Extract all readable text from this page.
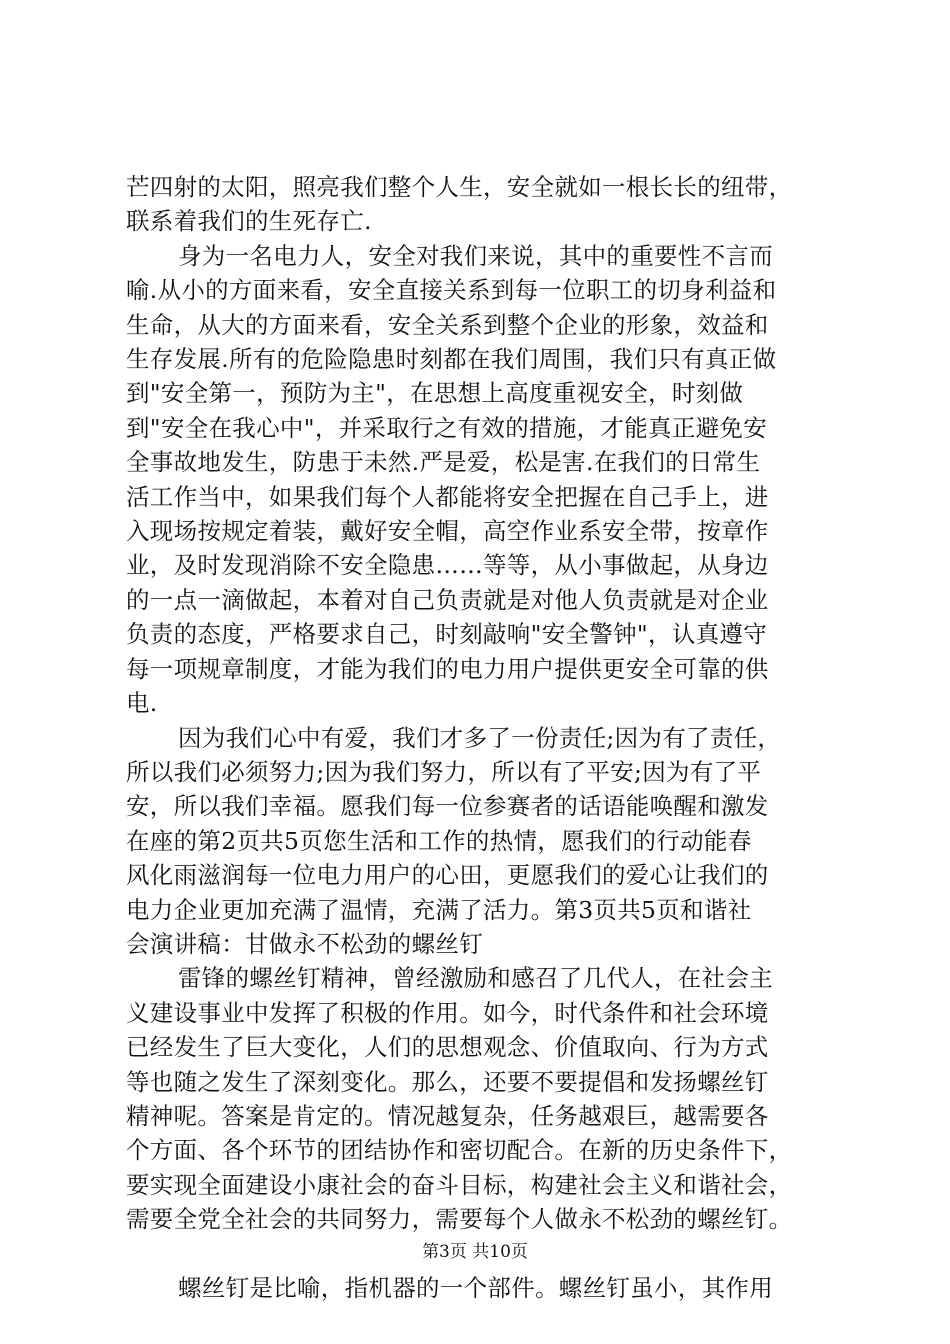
芒四射的太阳，照亮我们整个人生，安全就如一根长长的纽带，
联系着我们的生死存亡.
身为一名电力人，安全对我们来说，其中的重要性不言而
喻.从小的方面来看，安全直接关系到每一位职工的切身利益和
生命，从大的方面来看，安全关系到整个企业的形象，效益和
生存发展.所有的危险隐患时刻都在我们周围，我们只有真正做
到"安全第一，预防为主"，在思想上高度重视安全，时刻做
到"安全在我心中"，并采取行之有效的措施，才能真正避免安
全事故地发生，防患于未然.严是爱，松是害.在我们的日常生
活工作当中，如果我们每个人都能将安全把握在自己手上，进
入现场按规定着装，戴好安全帽，高空作业系安全带，按章作
业，及时发现消除不安全隐患……等等，从小事做起，从身边
的一点一滴做起，本着对自己负责就是对他人负责就是对企业
负责的态度，严格要求自己，时刻敲响"安全警钟"，认真遵守
每一项规章制度，才能为我们的电力用户提供更安全可靠的供
电.
因为我们心中有爱，我们才多了一份责任;因为有了责任，
所以我们必须努力;因为我们努力，所以有了平安;因为有了平
安，所以我们幸福。愿我们每一位参赛者的话语能唤醒和激发
在座的第2页共5页您生活和工作的热情，愿我们的行动能春
风化雨滋润每一位电力用户的心田，更愿我们的爱心让我们的
电力企业更加充满了温情，充满了活力。第3页共5页和谐社
会演讲稿：甘做永不松劲的螺丝钉
雷锋的螺丝钉精神，曾经激励和感召了几代人，在社会主
义建设事业中发挥了积极的作用。如今，时代条件和社会环境
已经发生了巨大变化，人们的思想观念、价值取向、行为方式
等也随之发生了深刻变化。那么，还要不要提倡和发扬螺丝钉
精神呢。答案是肯定的。情况越复杂，任务越艰巨，越需要各
个方面、各个环节的团结协作和密切配合。在新的历史条件下，
要实现全面建设小康社会的奋斗目标，构建社会主义和谐社会，
需要全党全社会的共同努力，需要每个人做永不松劲的螺丝钉。
螺丝钉是比喻，指机器的一个部件。螺丝钉虽小，其作用
第3页 共10页
